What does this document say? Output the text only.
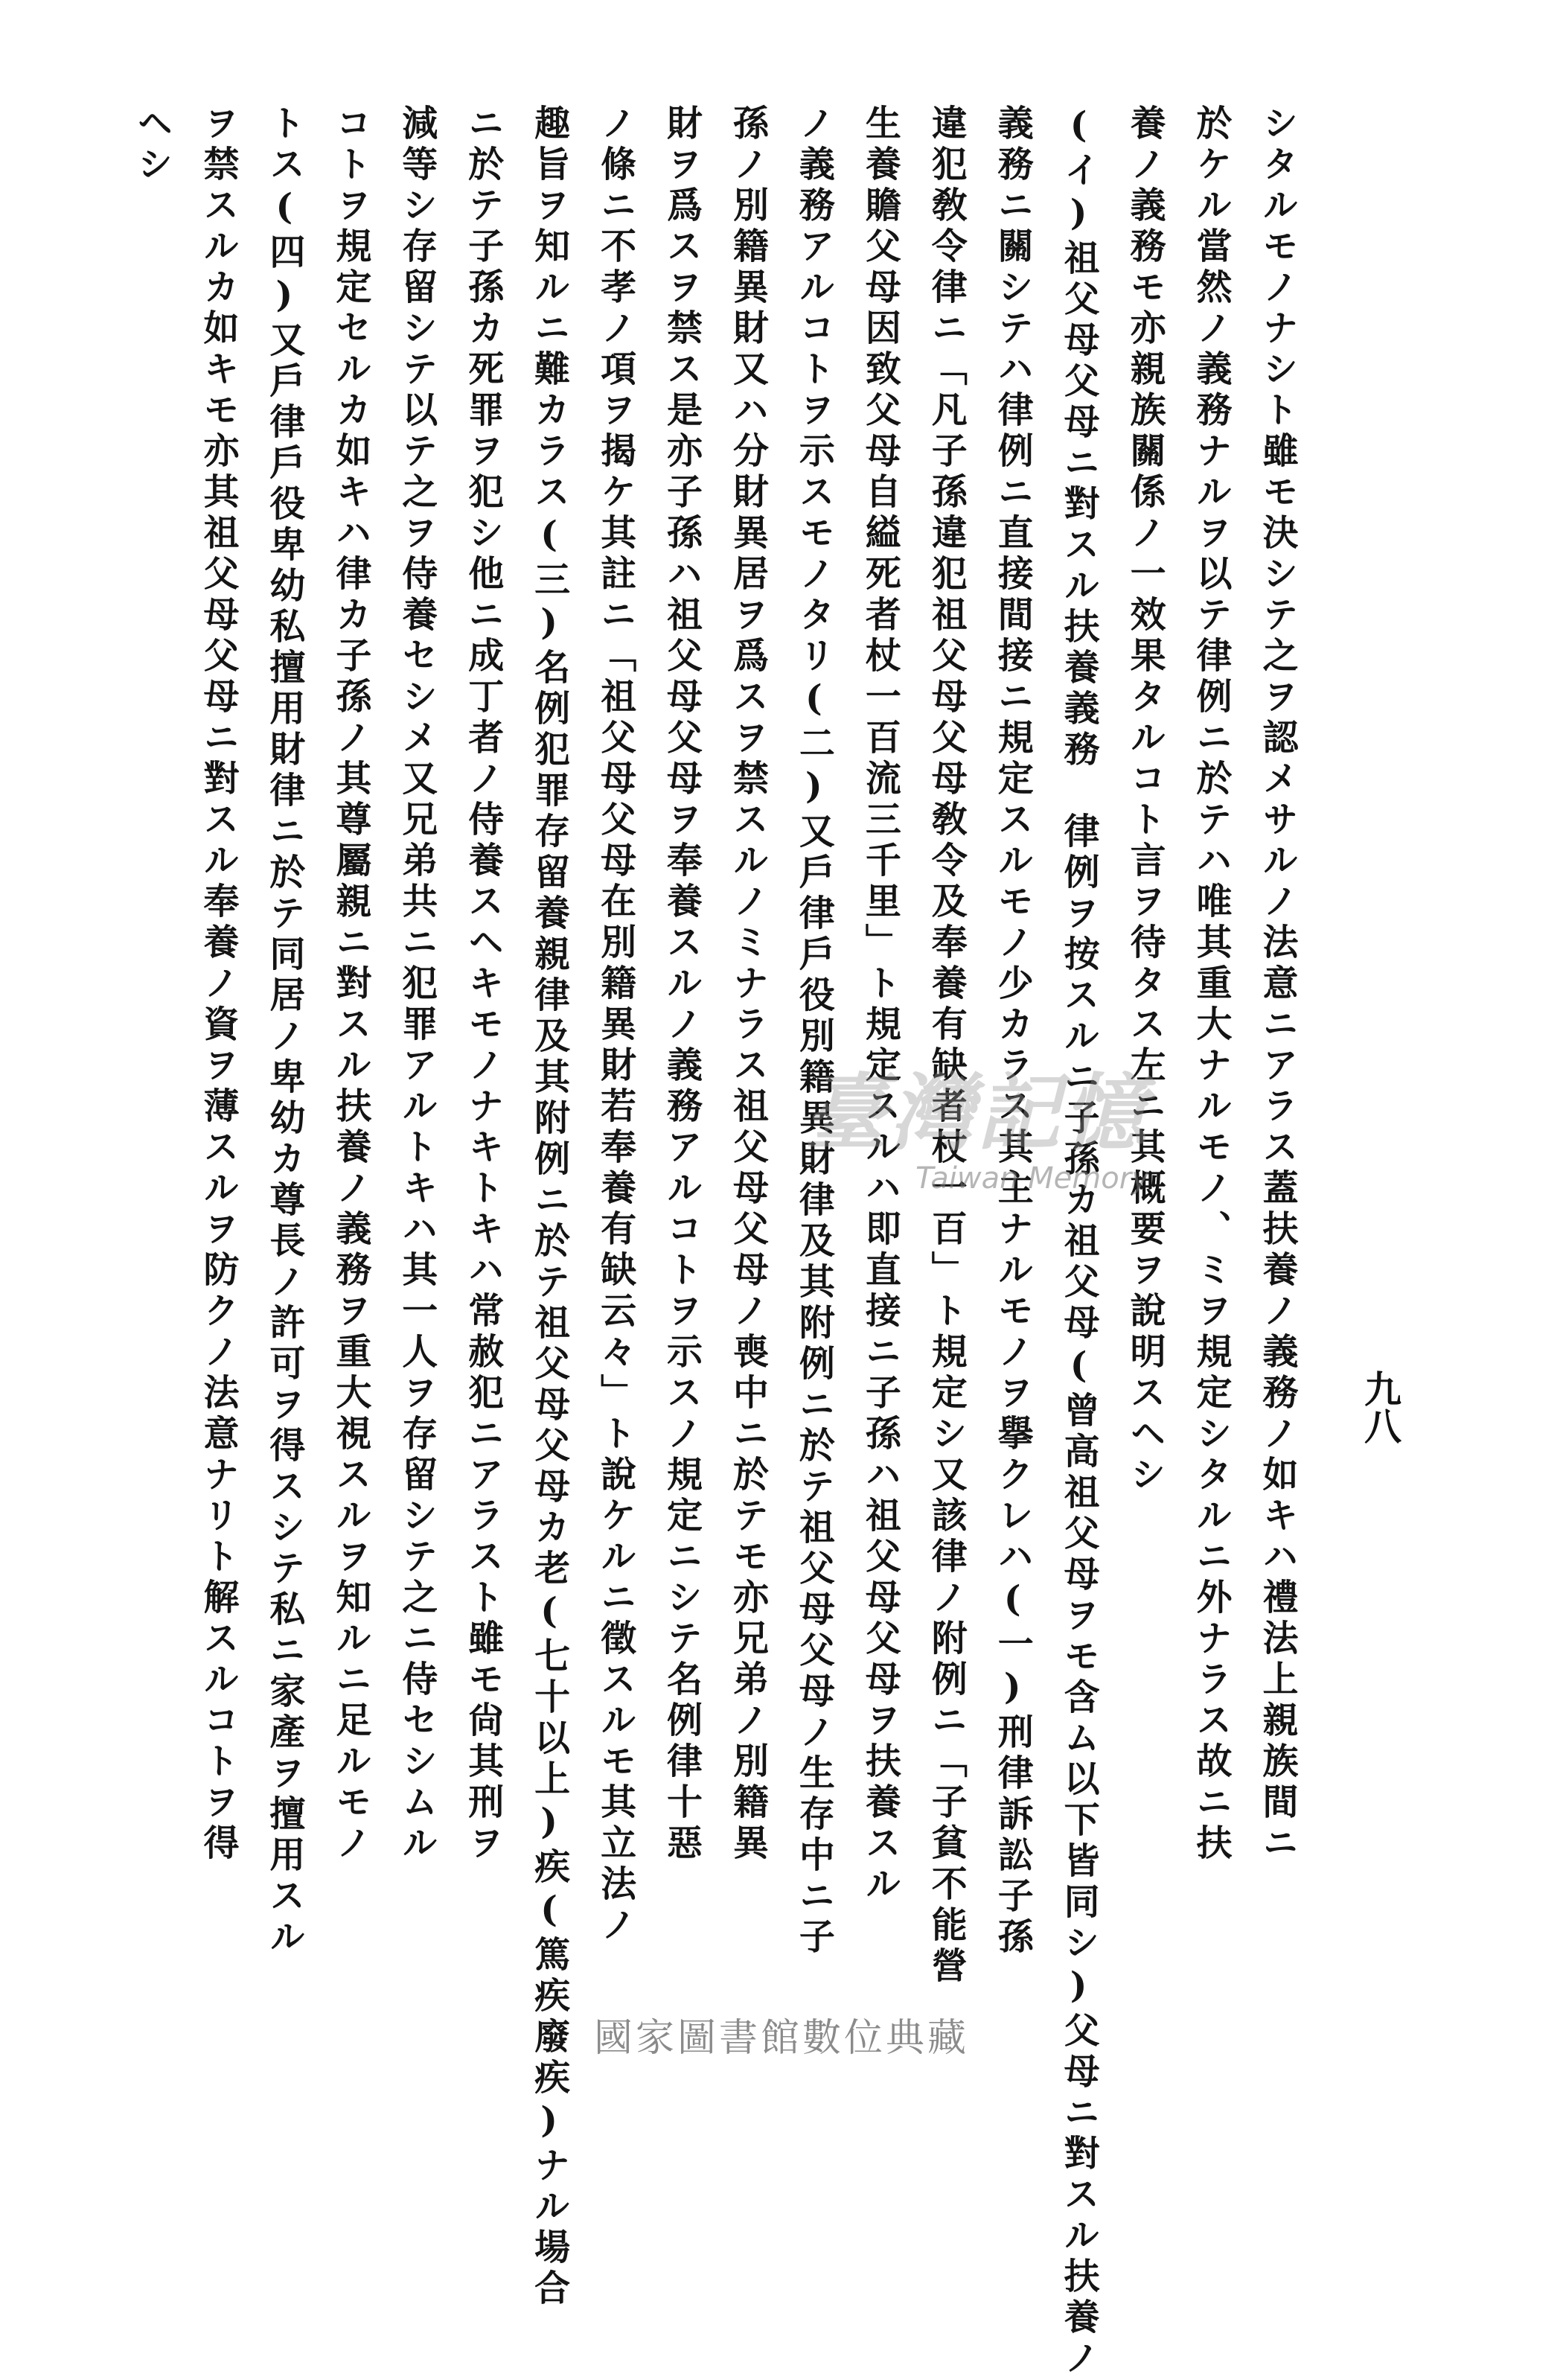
九八
シタルモノナシト雖モ決シテ之ヲ認メサルノ法意ニアラス蓋扶養ノ義務ノ如キハ禮法上親族間ニ
於ケル當然ノ義務ナルヲ以テ律例ニ於テハ唯其重大ナルモノ、ミヲ規定シタルニ外ナラス故ニ扶
養ノ義務モ亦親族關係ノ一效果タルコト言ヲ待タス左ニ其概要ヲ說明スヘシ
(イ)祖父母父母ニ對スル扶養義務　律例ヲ按スルニ子孫カ祖父母(曾高祖父母ヲモ含ム以下皆同シ)父母ニ對スル扶養ノ
義務ニ關シテハ律例ニ直接間接ニ規定スルモノ少カラス其主ナルモノヲ擧クレハ(一)刑律訴訟子孫
違犯敎令律ニ「凡子孫違犯祖父母父母敎令及奉養有缺者杖一百」ト規定シ又該律ノ附例ニ「子貧不能營
生養贍父母因致父母自縊死者杖一百流三千里」ト規定スルハ即直接ニ子孫ハ祖父母父母ヲ扶養スル
ノ義務アルコトヲ示スモノタリ(二)又戶律戶役別籍異財律及其附例ニ於テ祖父母父母ノ生存中ニ子
孫ノ別籍異財又ハ分財異居ヲ爲スヲ禁スルノミナラス祖父母父母ノ喪中ニ於テモ亦兄弟ノ別籍異
財ヲ爲スヲ禁ス是亦子孫ハ祖父母父母ヲ奉養スルノ義務アルコトヲ示スノ規定ニシテ名例律十惡
ノ條ニ不孝ノ項ヲ揭ケ其註ニ「祖父母父母在別籍異財若奉養有缺云々」ト說ケルニ徵スルモ其立法ノ
趣旨ヲ知ルニ難カラス(三)名例犯罪存留養親律及其附例ニ於テ祖父母父母カ老(七十以上)疾(篤疾廢疾)ナル場合
ニ於テ子孫カ死罪ヲ犯シ他ニ成丁者ノ侍養スヘキモノナキトキハ常赦犯ニアラスト雖モ尙其刑ヲ
減等シ存留シテ以テ之ヲ侍養セシメ又兄弟共ニ犯罪アルトキハ其一人ヲ存留シテ之ニ侍セシムル
コトヲ規定セルカ如キハ律カ子孫ノ其尊屬親ニ對スル扶養ノ義務ヲ重大視スルヲ知ルニ足ルモノ
トス(四)又戶律戶役卑幼私擅用財律ニ於テ同居ノ卑幼カ尊長ノ許可ヲ得スシテ私ニ家產ヲ擅用スル
ヲ禁スルカ如キモ亦其祖父母父母ニ對スル奉養ノ資ヲ薄スルヲ防クノ法意ナリト解スルコトヲ得
ヘシ
臺灣記憶
Taiwan Memory
國家圖書館數位典藏
